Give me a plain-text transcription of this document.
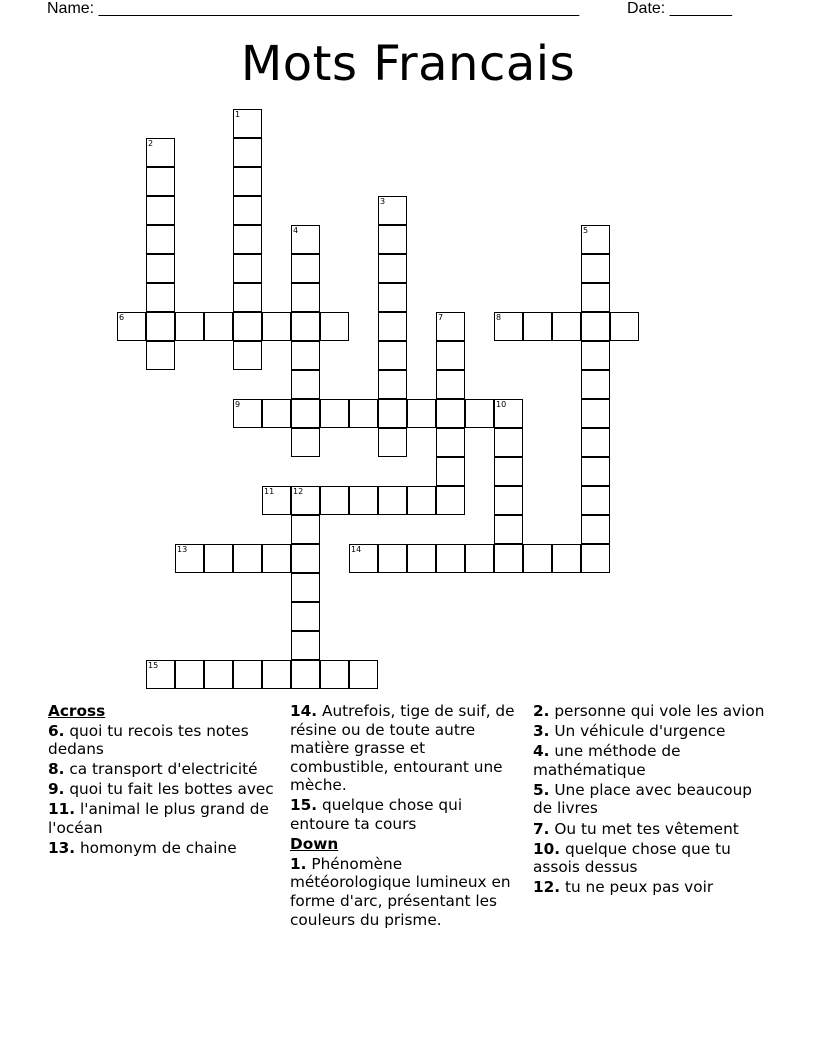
Name: ______________________________________________________	Date: _______
Mots Francais
1
2
3
4	5
6	7	8
9	10
11 12
13	14
15
Across
6. quoi tu recois tes notes dedans
8. ca transport d'electricité
9. quoi tu fait les bottes avec
11. l'animal le plus grand de l'océan
13. homonym de chaine
14. Autrefois, tige de suif, de résine ou de toute autre matière grasse et combustible, entourant une mèche.
15. quelque chose qui entoure ta cours
Down
1. Phénomène météorologique lumineux en forme d'arc, présentant les couleurs du prisme.
2. personne qui vole les avion
3. Un véhicule d'urgence
4. une méthode de mathématique
5. Une place avec beaucoup de livres
7. Ou tu met tes vêtement
10. quelque chose que tu assois dessus
12. tu ne peux pas voir
